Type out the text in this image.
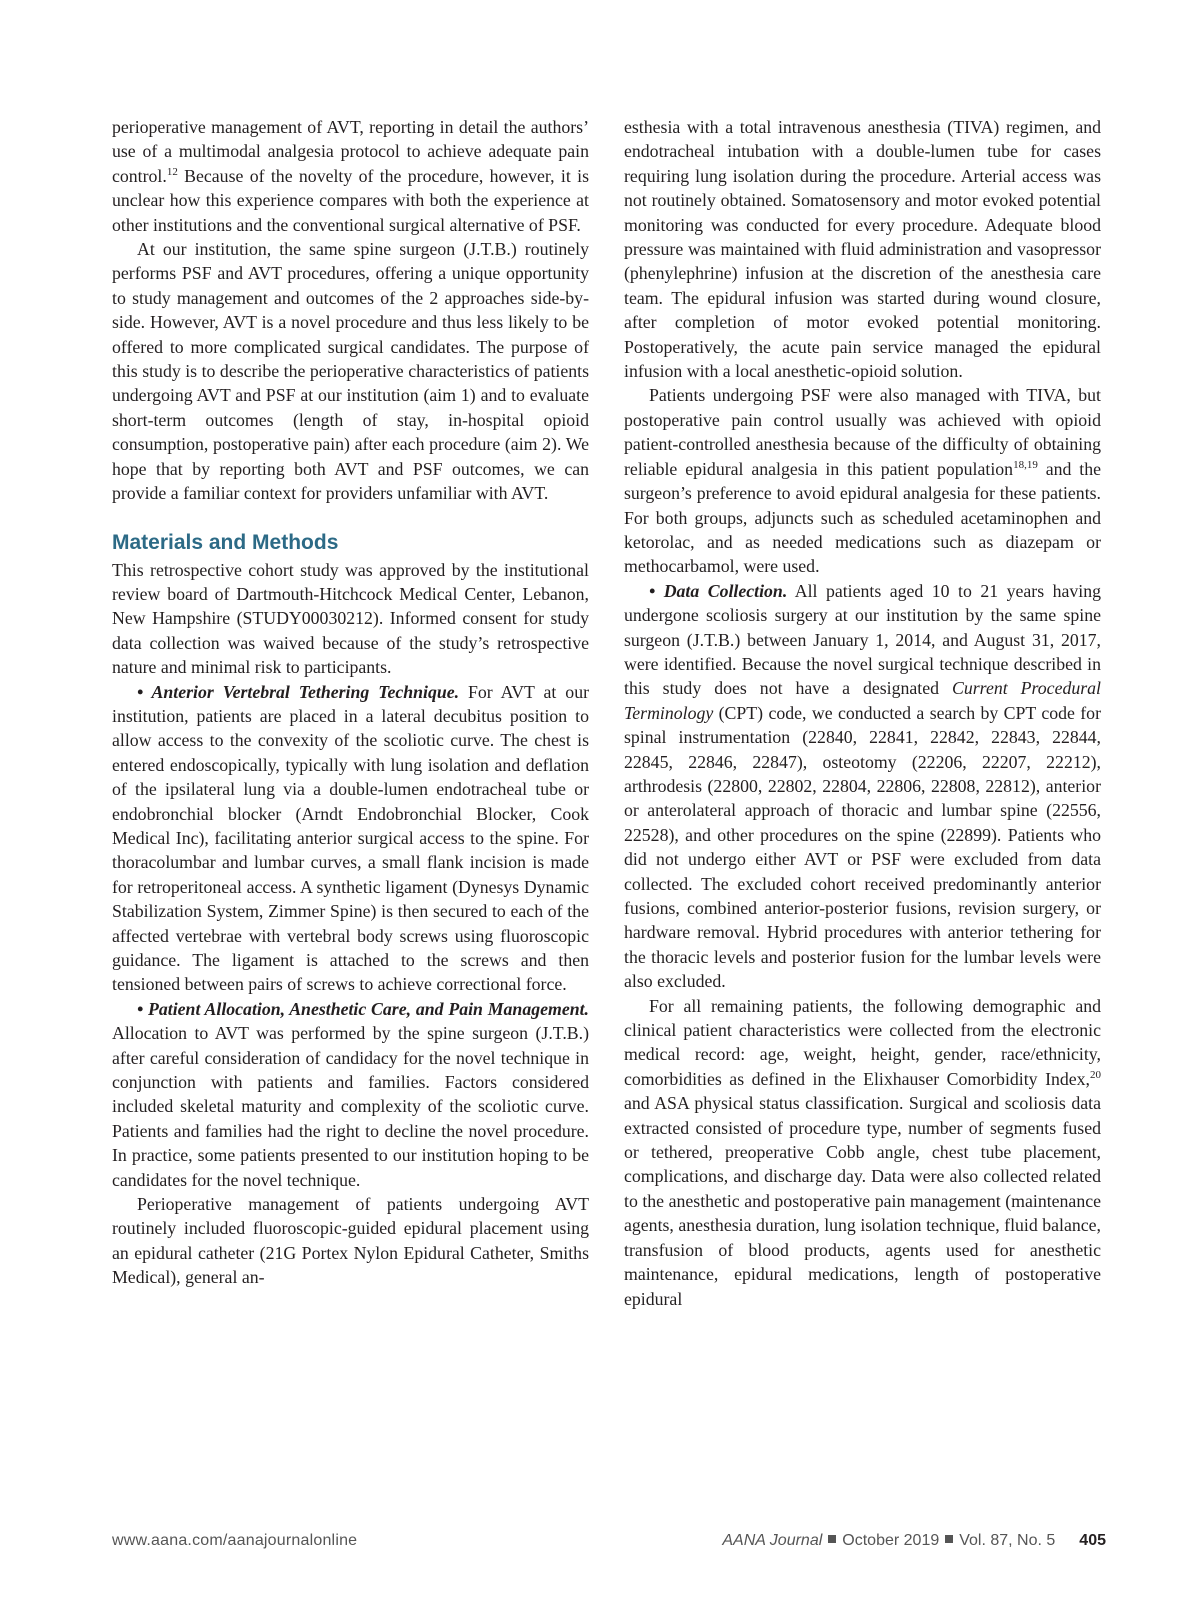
perioperative management of AVT, reporting in detail the authors’ use of a multimodal analgesia protocol to achieve adequate pain control.$^{12}$ Because of the novelty of the procedure, however, it is unclear how this experience compares with both the experience at other institutions and the conventional surgical alternative of PSF.

At our institution, the same spine surgeon (J.T.B.) routinely performs PSF and AVT procedures, offering a unique opportunity to study management and outcomes of the 2 approaches side-by-side. However, AVT is a novel procedure and thus less likely to be offered to more complicated surgical candidates. The purpose of this study is to describe the perioperative characteristics of patients undergoing AVT and PSF at our institution (aim 1) and to evaluate short-term outcomes (length of stay, in-hospital opioid consumption, postoperative pain) after each procedure (aim 2). We hope that by reporting both AVT and PSF outcomes, we can provide a familiar context for providers unfamiliar with AVT.

Materials and Methods

This retrospective cohort study was approved by the institutional review board of Dartmouth-Hitchcock Medical Center, Lebanon, New Hampshire (STUDY00030212). Informed consent for study data collection was waived because of the study’s retrospective nature and minimal risk to participants.

• Anterior Vertebral Tethering Technique. For AVT at our institution, patients are placed in a lateral decubitus position to allow access to the convexity of the scoliotic curve. The chest is entered endoscopically, typically with lung isolation and deflation of the ipsilateral lung via a double-lumen endotracheal tube or endobronchial blocker (Arndt Endobronchial Blocker, Cook Medical Inc), facilitating anterior surgical access to the spine. For thoracolumbar and lumbar curves, a small flank incision is made for retroperitoneal access. A synthetic ligament (Dynesys Dynamic Stabilization System, Zimmer Spine) is then secured to each of the affected vertebrae with vertebral body screws using fluoroscopic guidance. The ligament is attached to the screws and then tensioned between pairs of screws to achieve correctional force.

• Patient Allocation, Anesthetic Care, and Pain Management. Allocation to AVT was performed by the spine surgeon (J.T.B.) after careful consideration of candidacy for the novel technique in conjunction with patients and families. Factors considered included skeletal maturity and complexity of the scoliotic curve. Patients and families had the right to decline the novel procedure. In practice, some patients presented to our institution hoping to be candidates for the novel technique.

Perioperative management of patients undergoing AVT routinely included fluoroscopic-guided epidural placement using an epidural catheter (21G Portex Nylon Epidural Catheter, Smiths Medical), general an-

esthesia with a total intravenous anesthesia (TIVA) regimen, and endotracheal intubation with a double-lumen tube for cases requiring lung isolation during the procedure. Arterial access was not routinely obtained. Somatosensory and motor evoked potential monitoring was conducted for every procedure. Adequate blood pressure was maintained with fluid administration and vasopressor (phenylephrine) infusion at the discretion of the anesthesia care team. The epidural infusion was started during wound closure, after completion of motor evoked potential monitoring. Postoperatively, the acute pain service managed the epidural infusion with a local anesthetic-opioid solution.

Patients undergoing PSF were also managed with TIVA, but postoperative pain control usually was achieved with opioid patient-controlled anesthesia because of the difficulty of obtaining reliable epidural analgesia in this patient population$^{18,19}$ and the surgeon’s preference to avoid epidural analgesia for these patients. For both groups, adjuncts such as scheduled acetaminophen and ketorolac, and as needed medications such as diazepam or methocarbamol, were used.

• Data Collection. All patients aged 10 to 21 years having undergone scoliosis surgery at our institution by the same spine surgeon (J.T.B.) between January 1, 2014, and August 31, 2017, were identified. Because the novel surgical technique described in this study does not have a designated Current Procedural Terminology (CPT) code, we conducted a search by CPT code for spinal instrumentation (22840, 22841, 22842, 22843, 22844, 22845, 22846, 22847), osteotomy (22206, 22207, 22212), arthrodesis (22800, 22802, 22804, 22806, 22808, 22812), anterior or anterolateral approach of thoracic and lumbar spine (22556, 22528), and other procedures on the spine (22899). Patients who did not undergo either AVT or PSF were excluded from data collected. The excluded cohort received predominantly anterior fusions, combined anterior-posterior fusions, revision surgery, or hardware removal. Hybrid procedures with anterior tethering for the thoracic levels and posterior fusion for the lumbar levels were also excluded.

For all remaining patients, the following demographic and clinical patient characteristics were collected from the electronic medical record: age, weight, height, gender, race/ethnicity, comorbidities as defined in the Elixhauser Comorbidity Index,$^{20}$ and ASA physical status classification. Surgical and scoliosis data extracted consisted of procedure type, number of segments fused or tethered, preoperative Cobb angle, chest tube placement, complications, and discharge day. Data were also collected related to the anesthetic and postoperative pain management (maintenance agents, anesthesia duration, lung isolation technique, fluid balance, transfusion of blood products, agents used for anesthetic maintenance, epidural medications, length of postoperative epidural

www.aana.com/aanajournalonline	AANA Journal October 2019 Vol. 87, No. 5 405
